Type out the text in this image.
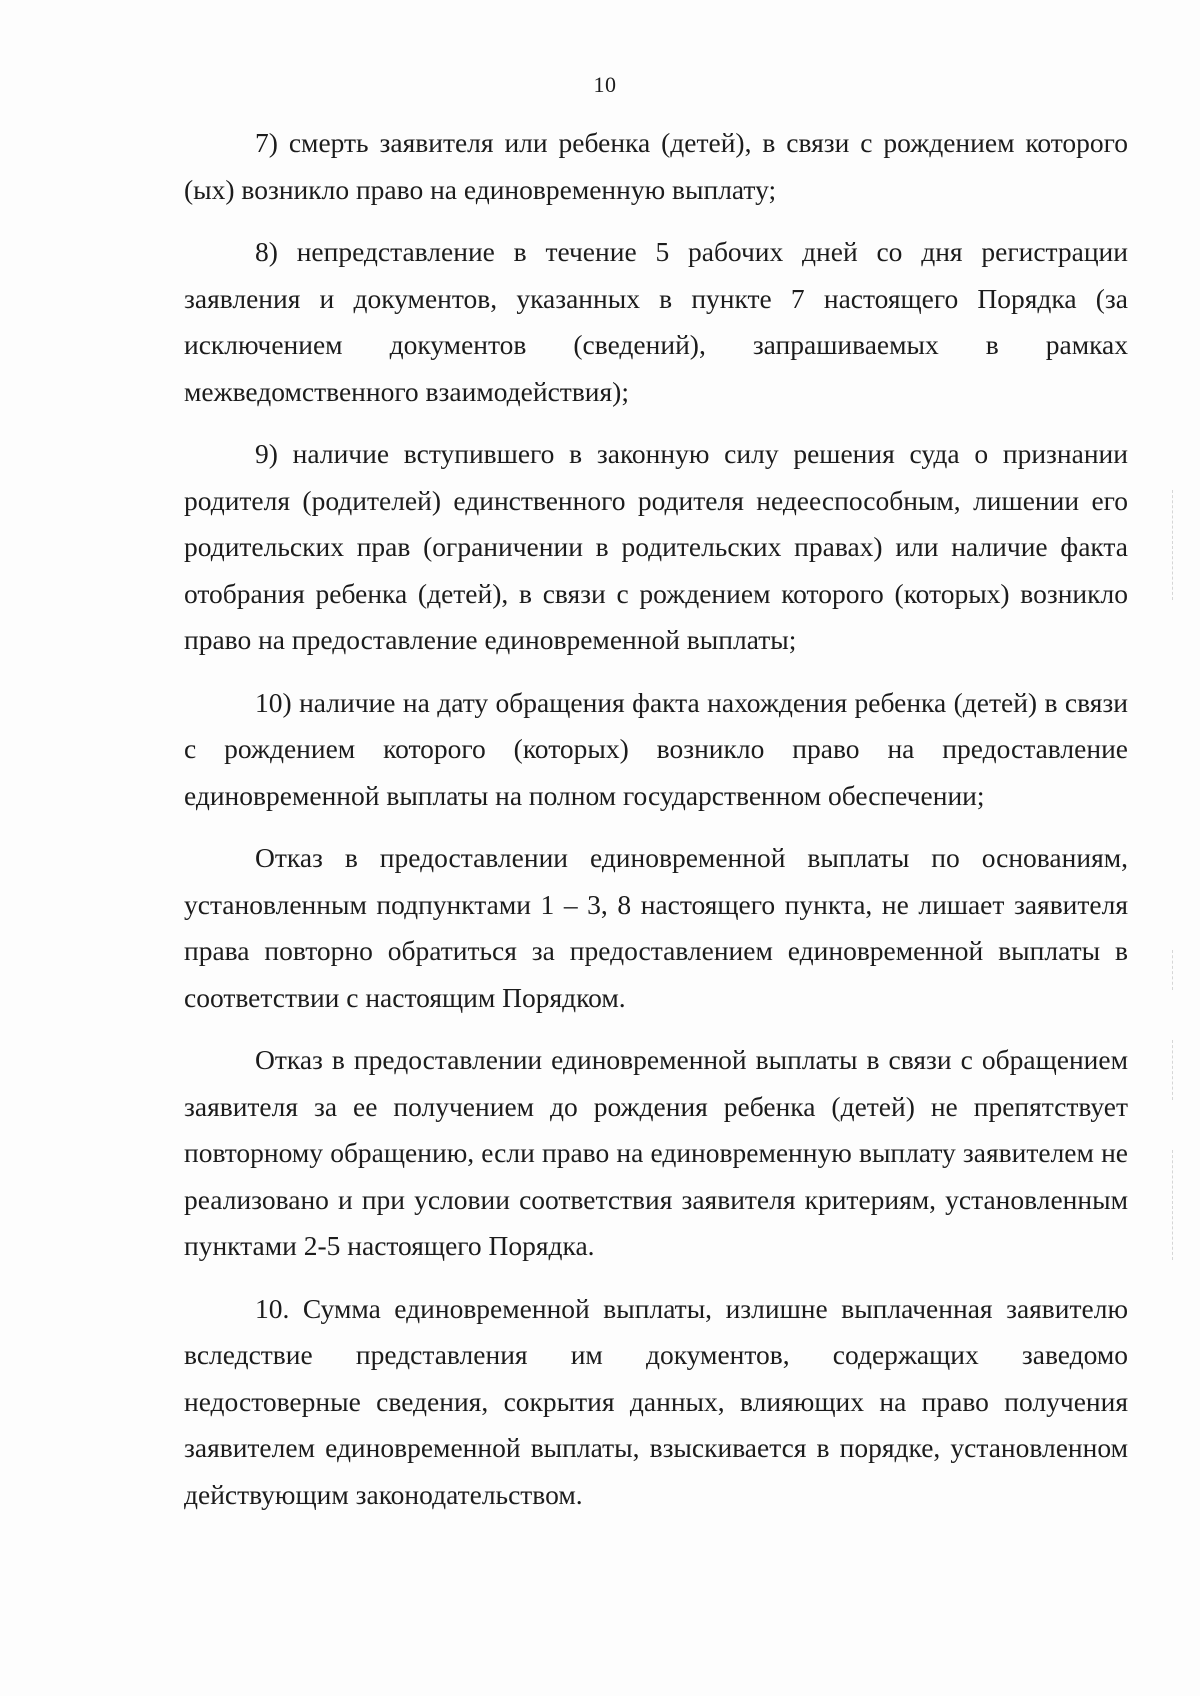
10

7) смерть заявителя или ребенка (детей), в связи с рождением которого (ых) возникло право на единовременную выплату;

8) непредставление в течение 5 рабочих дней со дня регистрации заявления и документов, указанных в пункте 7 настоящего Порядка (за исключением документов (сведений), запрашиваемых в рамках межведомственного взаимодействия);

9) наличие вступившего в законную силу решения суда о признании родителя (родителей) единственного родителя недееспособным, лишении его родительских прав (ограничении в родительских правах) или наличие факта отобрания ребенка (детей), в связи с рождением которого (которых) возникло право на предоставление единовременной выплаты;

10) наличие на дату обращения факта нахождения ребенка (детей) в связи с рождением которого (которых) возникло право на предоставление единовременной выплаты на полном государственном обеспечении;

Отказ в предоставлении единовременной выплаты по основаниям, установленным подпунктами 1 – 3, 8 настоящего пункта, не лишает заявителя права повторно обратиться за предоставлением единовременной выплаты в соответствии с настоящим Порядком.

Отказ в предоставлении единовременной выплаты в связи с обращением заявителя за ее получением до рождения ребенка (детей) не препятствует повторному обращению, если право на единовременную выплату заявителем не реализовано и при условии соответствия заявителя критериям, установленным пунктами 2-5 настоящего Порядка.

10. Сумма единовременной выплаты, излишне выплаченная заявителю вследствие представления им документов, содержащих заведомо недостоверные сведения, сокрытия данных, влияющих на право получения заявителем единовременной выплаты, взыскивается в порядке, установленном действующим законодательством.
